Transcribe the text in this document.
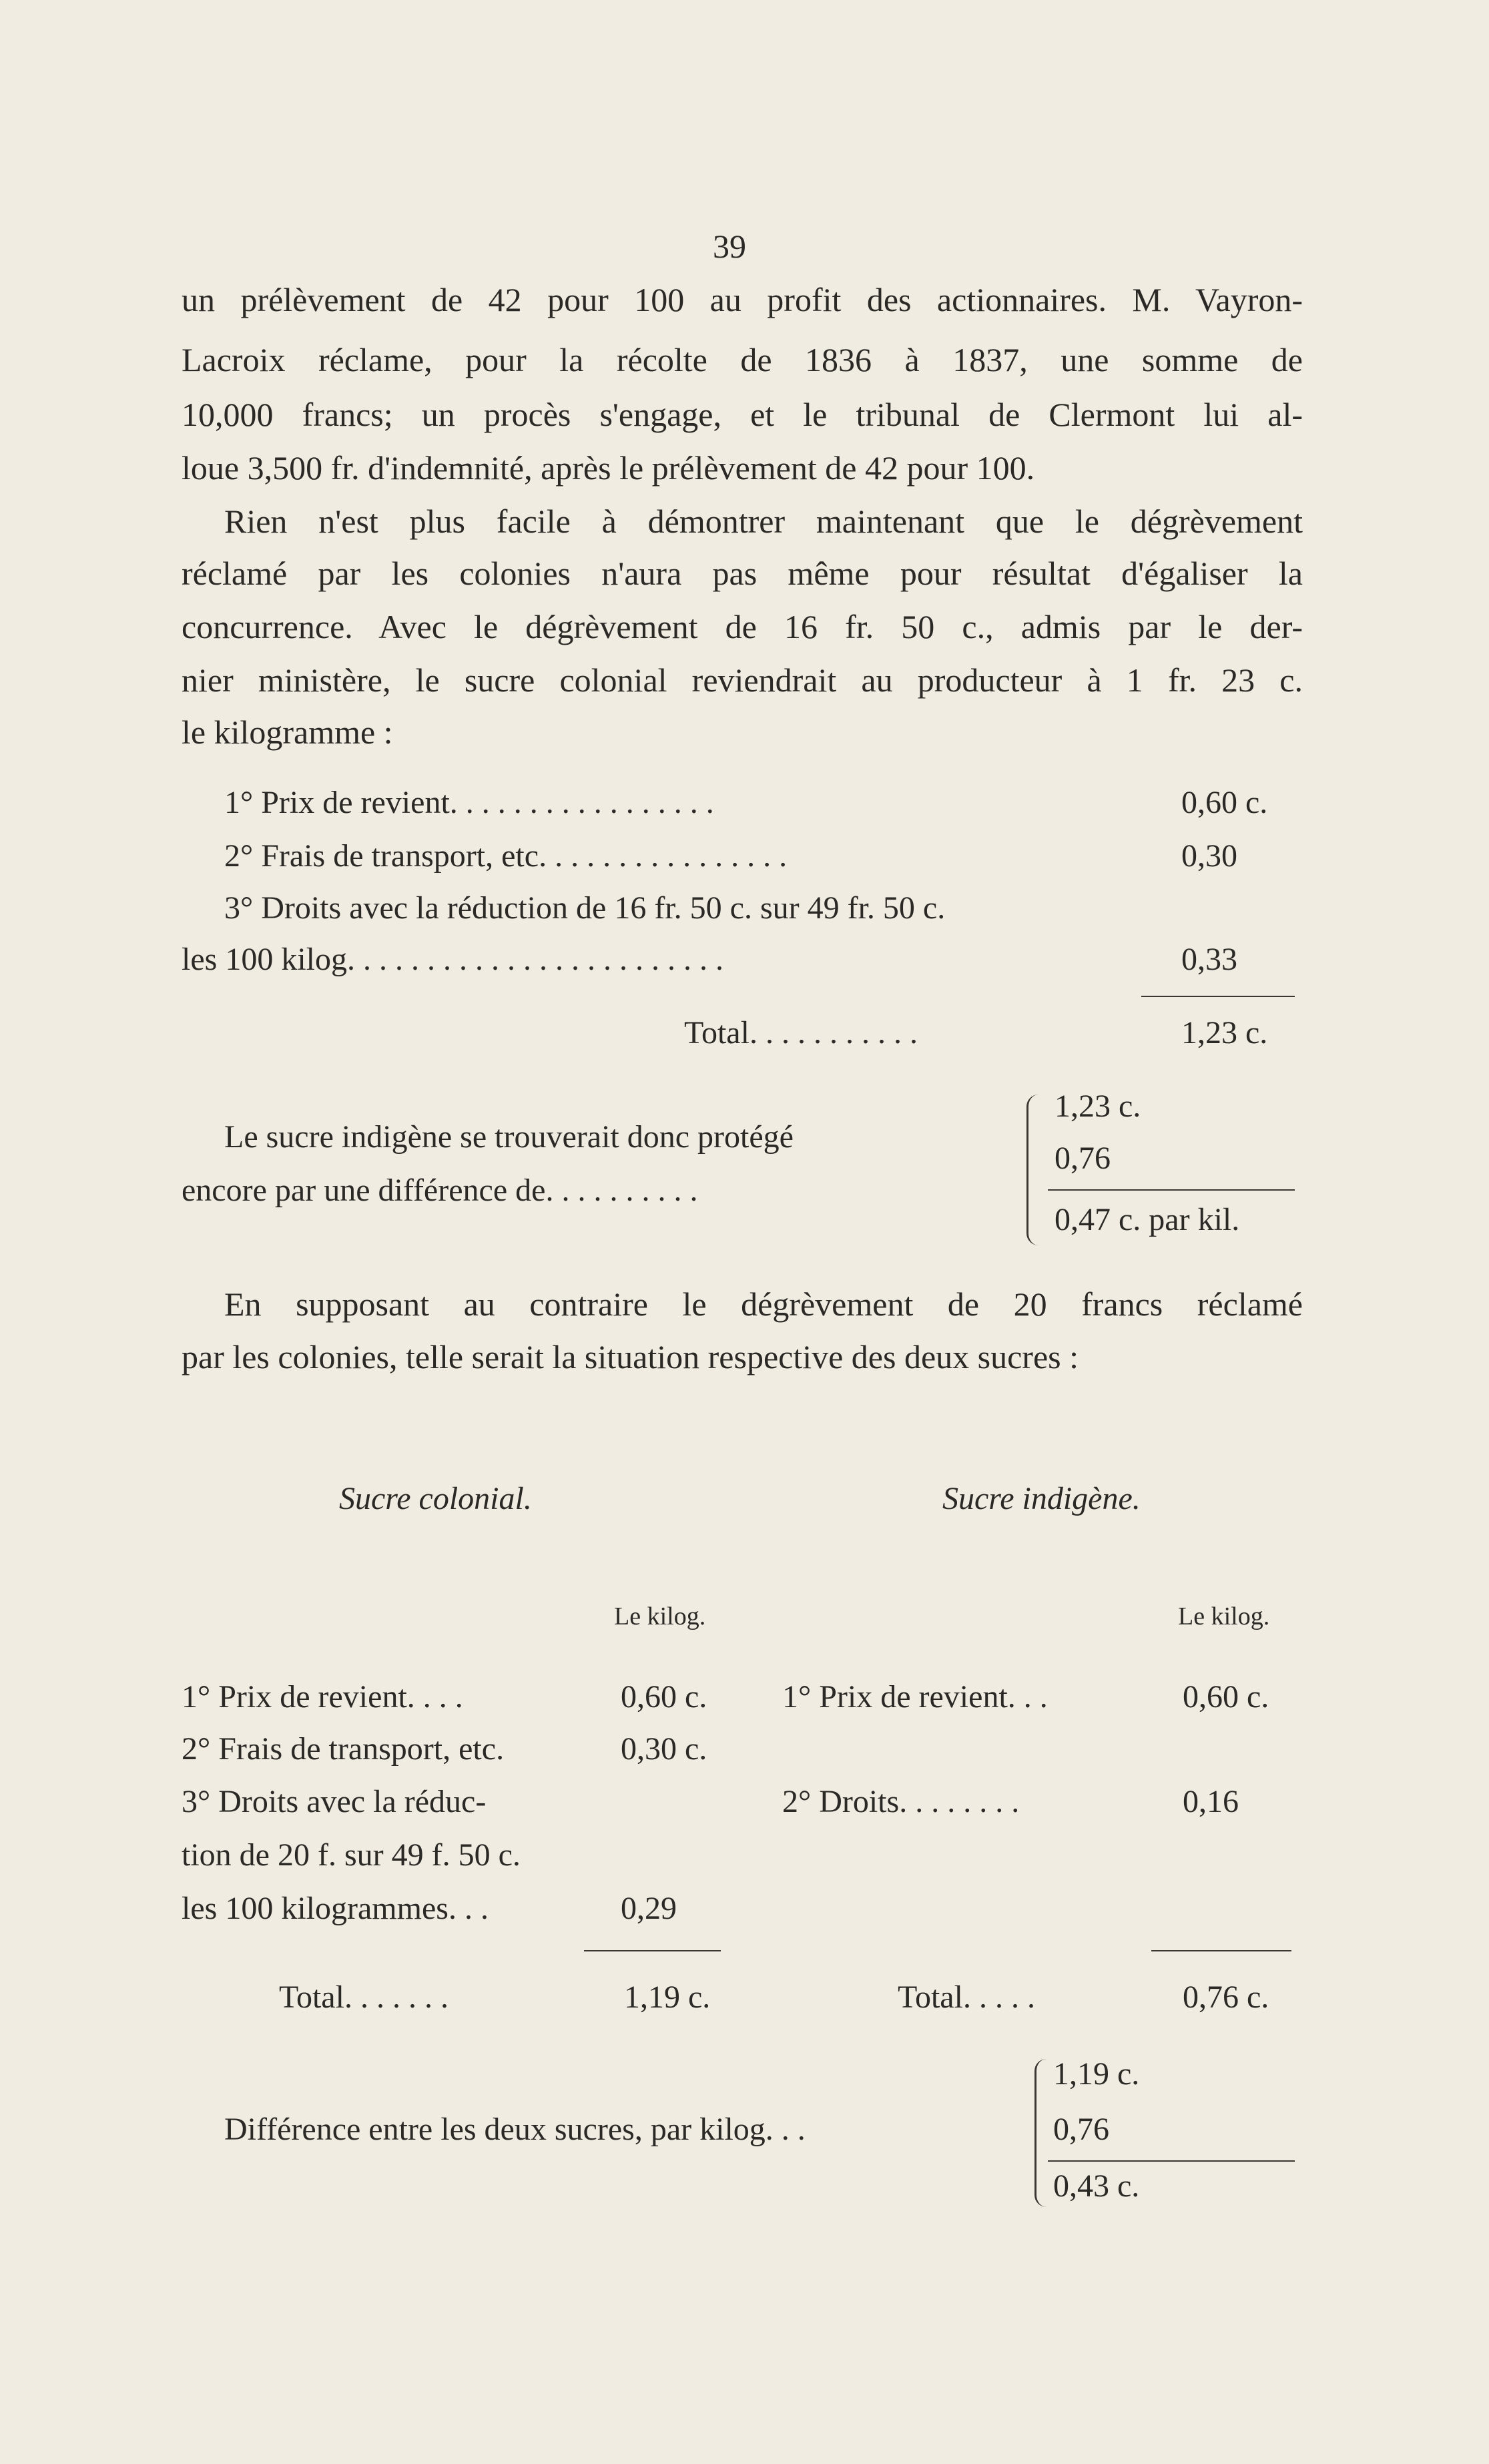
39
un prélèvement de 42 pour 100 au profit des actionnaires. M. Vayron-
Lacroix réclame, pour la récolte de 1836 à 1837, une somme de
10,000 francs; un procès s'engage, et le tribunal de Clermont lui al-
loue 3,500 fr. d'indemnité, après le prélèvement de 42 pour 100.
Rien n'est plus facile à démontrer maintenant que le dégrèvement
réclamé par les colonies n'aura pas même pour résultat d'égaliser la
concurrence. Avec le dégrèvement de 16 fr. 50 c., admis par le der-
nier ministère, le sucre colonial reviendrait au producteur à 1 fr. 23 c.
le kilogramme :
1° Prix de revient. . . . . . . . . . . . . . . . .	0,60 c.
2° Frais de transport, etc. . . . . . . . . . . . . . . .	0,30
3° Droits avec la réduction de 16 fr. 50 c. sur 49 fr. 50 c.
les 100 kilog. . . . . . . . . . . . . . . . . . . . . . . .	0,33
Total. . . . . . . . . . .	1,23 c.
Le sucre indigène se trouverait donc protégé
encore par une différence de. . . . . . . . . .
1,23 c.
0,76
0,47 c. par kil.
En supposant au contraire le dégrèvement de 20 francs réclamé
par les colonies, telle serait la situation respective des deux sucres :
Sucre colonial.	Sucre indigène.
Le kilog.	Le kilog.
1° Prix de revient. . . .	0,60 c.
2° Frais de transport, etc.	0,30 c.
3° Droits avec la réduc-
tion de 20 f. sur 49 f. 50 c.
les 100 kilogrammes. . .	0,29
Total. . . . . . .	1,19 c.
1° Prix de revient. . .	0,60 c.
2° Droits. . . . . . . .	0,16
Total. . . . .	0,76 c.
Différence entre les deux sucres, par kilog. . .
1,19 c.
0,76
0,43 c.
